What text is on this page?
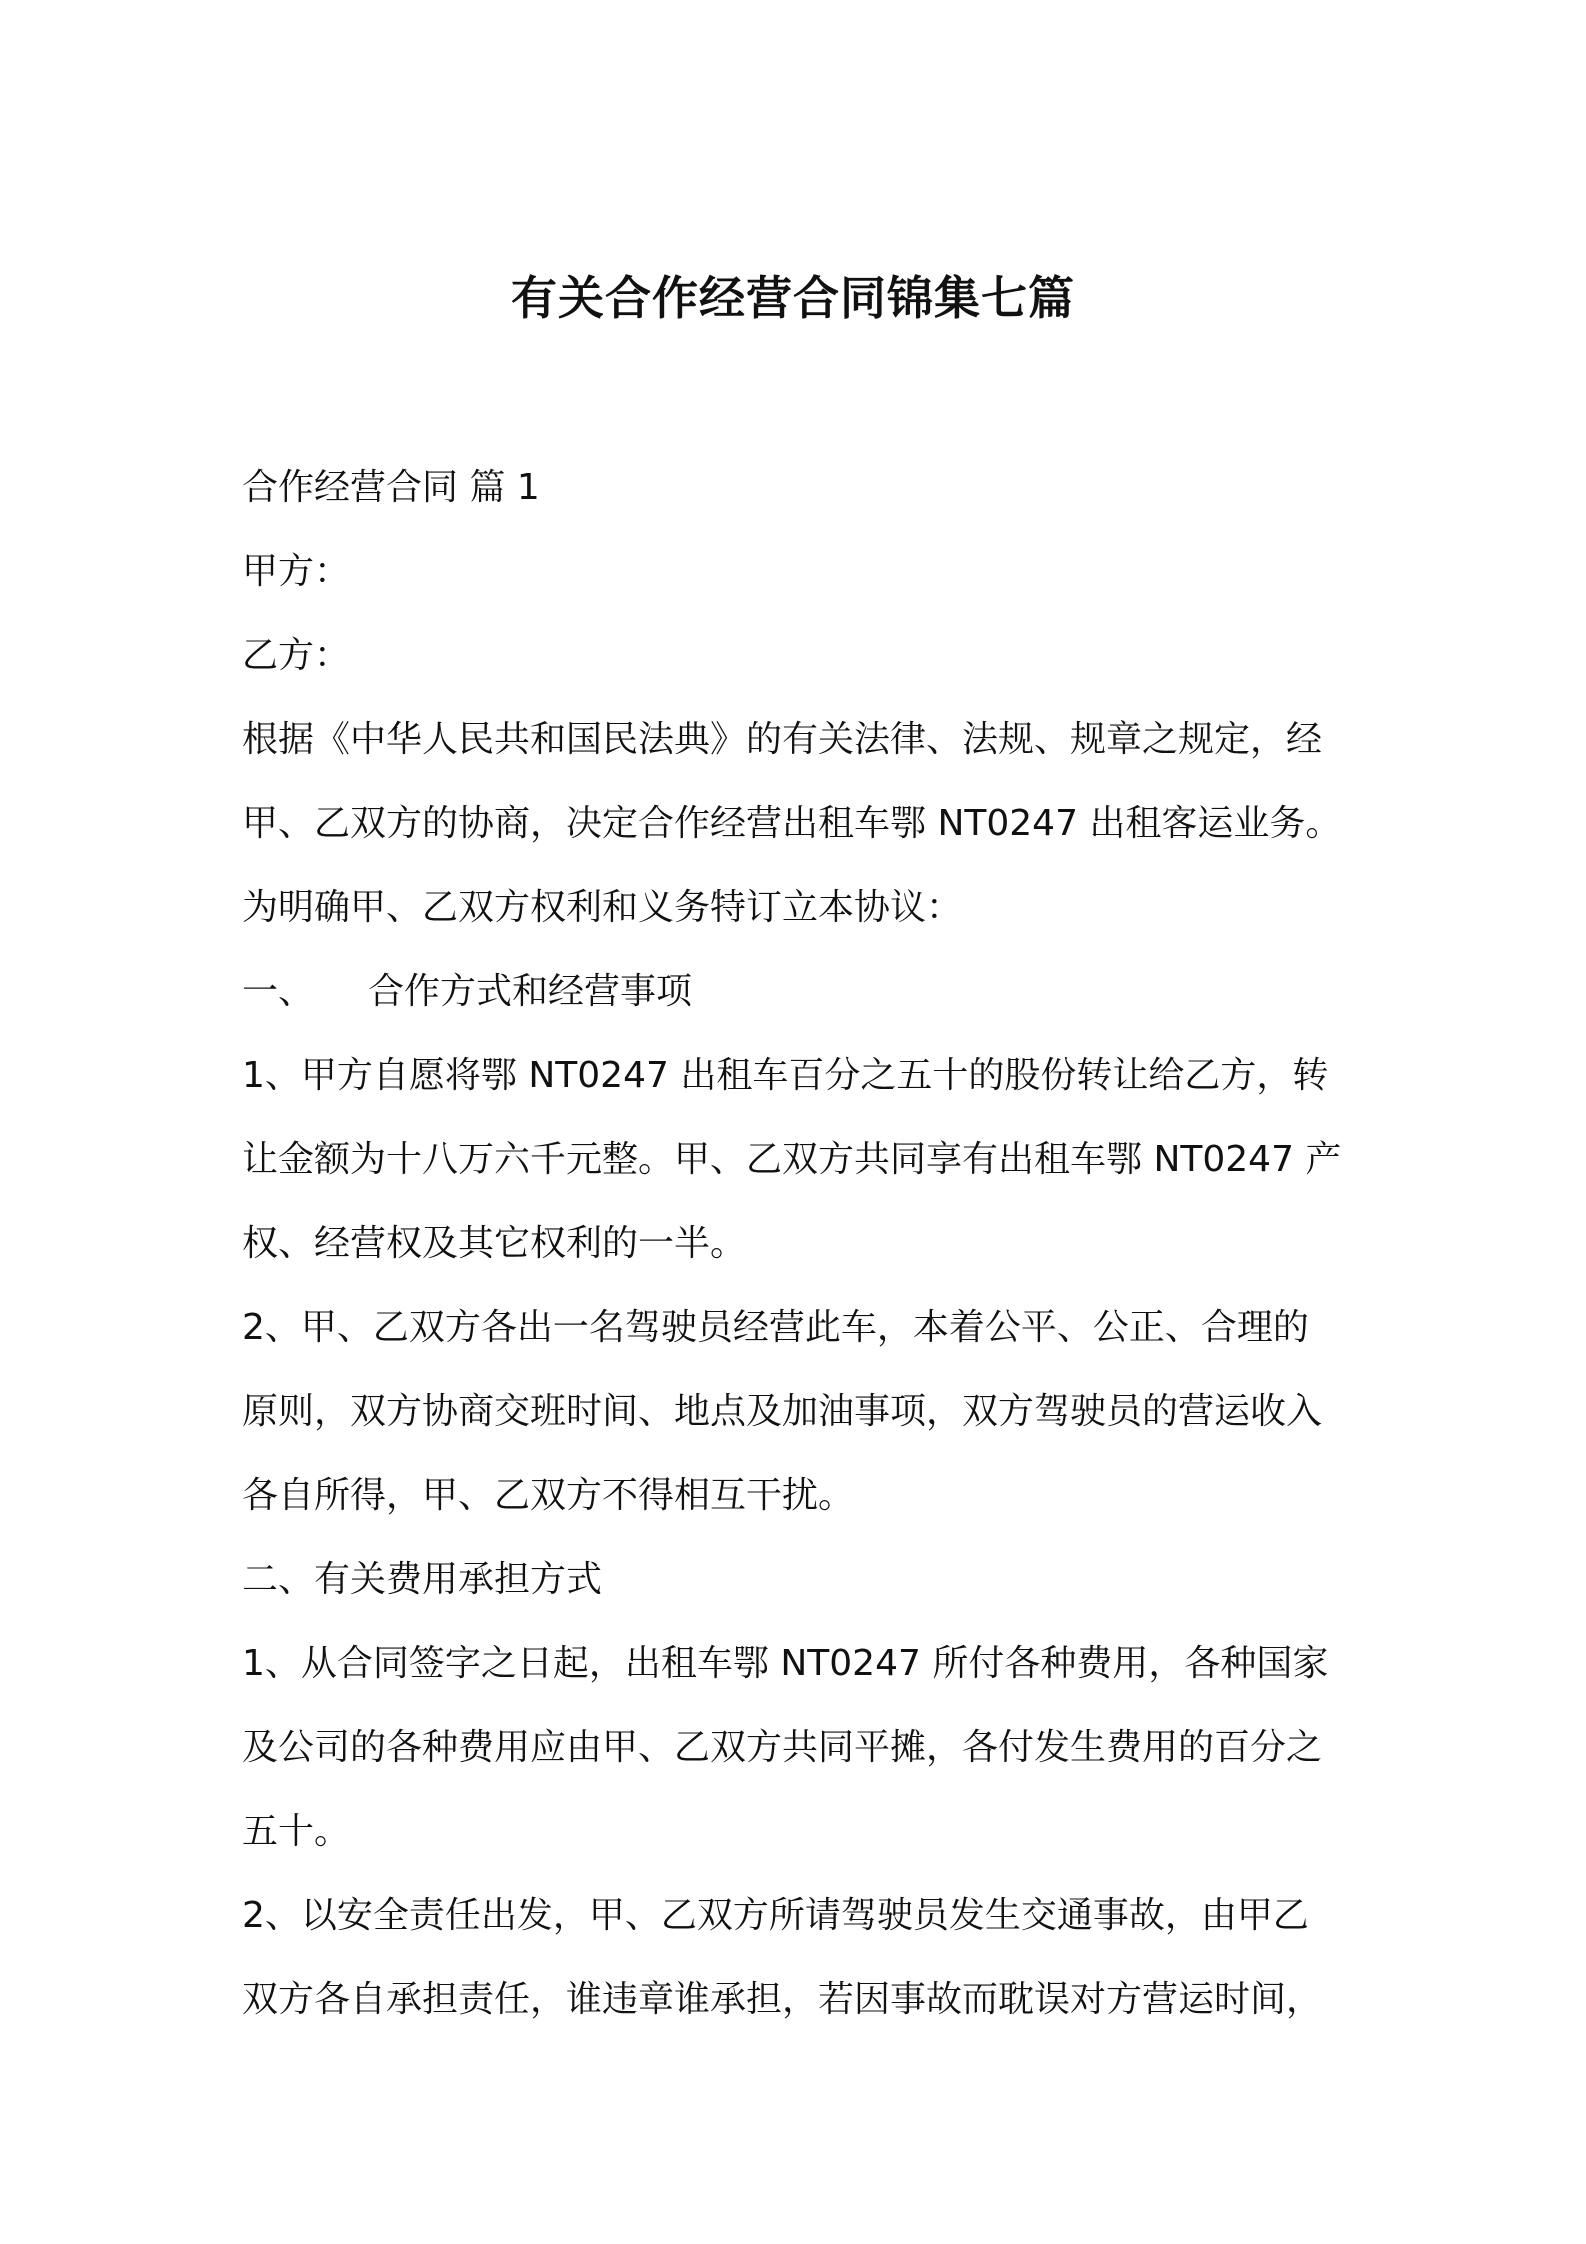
有关合作经营合同锦集七篇
合作经营合同 篇 1
甲方：
乙方：
根据《中华人民共和国民法典》的有关法律、法规、规章之规定，经
甲、乙双方的协商，决定合作经营出租车鄂 NT0247 出租客运业务。
为明确甲、乙双方权利和义务特订立本协议：
一、 合作方式和经营事项
1、甲方自愿将鄂 NT0247 出租车百分之五十的股份转让给乙方，转
让金额为十八万六千元整。甲、乙双方共同享有出租车鄂 NT0247 产
权、经营权及其它权利的一半。
2、甲、乙双方各出一名驾驶员经营此车，本着公平、公正、合理的
原则，双方协商交班时间、地点及加油事项，双方驾驶员的营运收入
各自所得，甲、乙双方不得相互干扰。
二、有关费用承担方式
1、从合同签字之日起，出租车鄂 NT0247 所付各种费用，各种国家
及公司的各种费用应由甲、乙双方共同平摊，各付发生费用的百分之
五十。
2、以安全责任出发，甲、乙双方所请驾驶员发生交通事故，由甲乙
双方各自承担责任，谁违章谁承担，若因事故而耽误对方营运时间，
